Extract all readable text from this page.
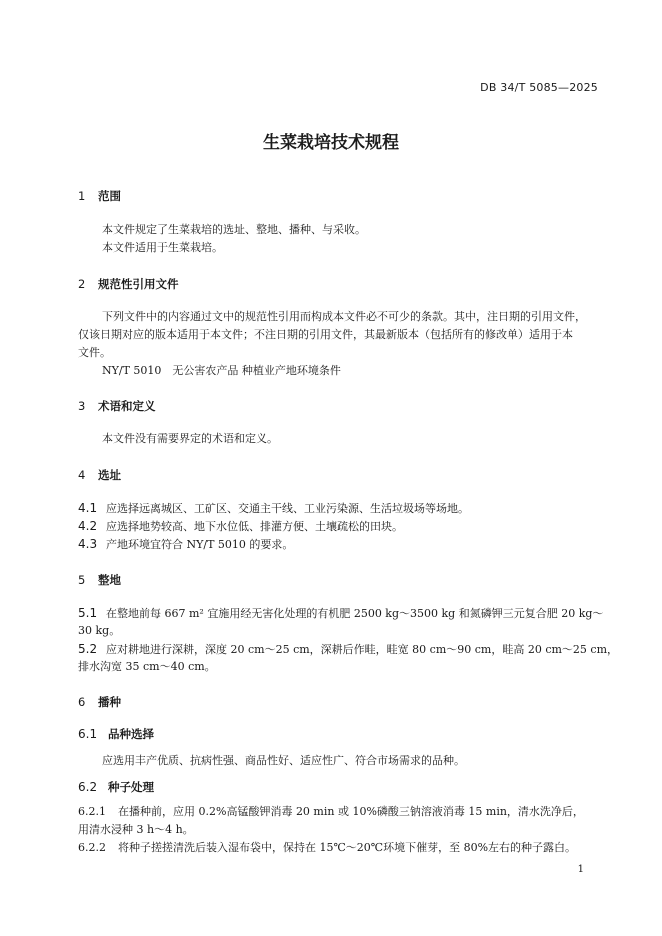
DB 34/T 5085—2025
生菜栽培技术规程
1 范围
本文件规定了生菜栽培的选址、整地、播种、与采收。
本文件适用于生菜栽培。
2 规范性引用文件
下列文件中的内容通过文中的规范性引用而构成本文件必不可少的条款。其中，注日期的引用文件，
仅该日期对应的版本适用于本文件；不注日期的引用文件，其最新版本（包括所有的修改单）适用于本
文件。
NY/T 5010　无公害农产品 种植业产地环境条件
3 术语和定义
本文件没有需要界定的术语和定义。
4 选址
4.1 应选择远离城区、工矿区、交通主干线、工业污染源、生活垃圾场等场地。
4.2 应选择地势较高、地下水位低、排灌方便、土壤疏松的田块。
4.3 产地环境宜符合 NY/T 5010 的要求。
5 整地
5.1 在整地前每 667 m² 宜施用经无害化处理的有机肥 2500 kg～3500 kg 和氮磷钾三元复合肥 20 kg～
30 kg。
5.2 应对耕地进行深耕，深度 20 cm～25 cm，深耕后作畦，畦宽 80 cm～90 cm，畦高 20 cm～25 cm，
排水沟宽 35 cm～40 cm。
6 播种
6.1 品种选择
应选用丰产优质、抗病性强、商品性好、适应性广、符合市场需求的品种。
6.2 种子处理
6.2.1 在播种前，应用 0.2%高锰酸钾消毒 20 min 或 10%磷酸三钠溶液消毒 15 min，清水洗净后，
用清水浸种 3 h～4 h。
6.2.2 将种子搓搓清洗后装入湿布袋中，保持在 15℃～20℃环境下催芽，至 80%左右的种子露白。
1
